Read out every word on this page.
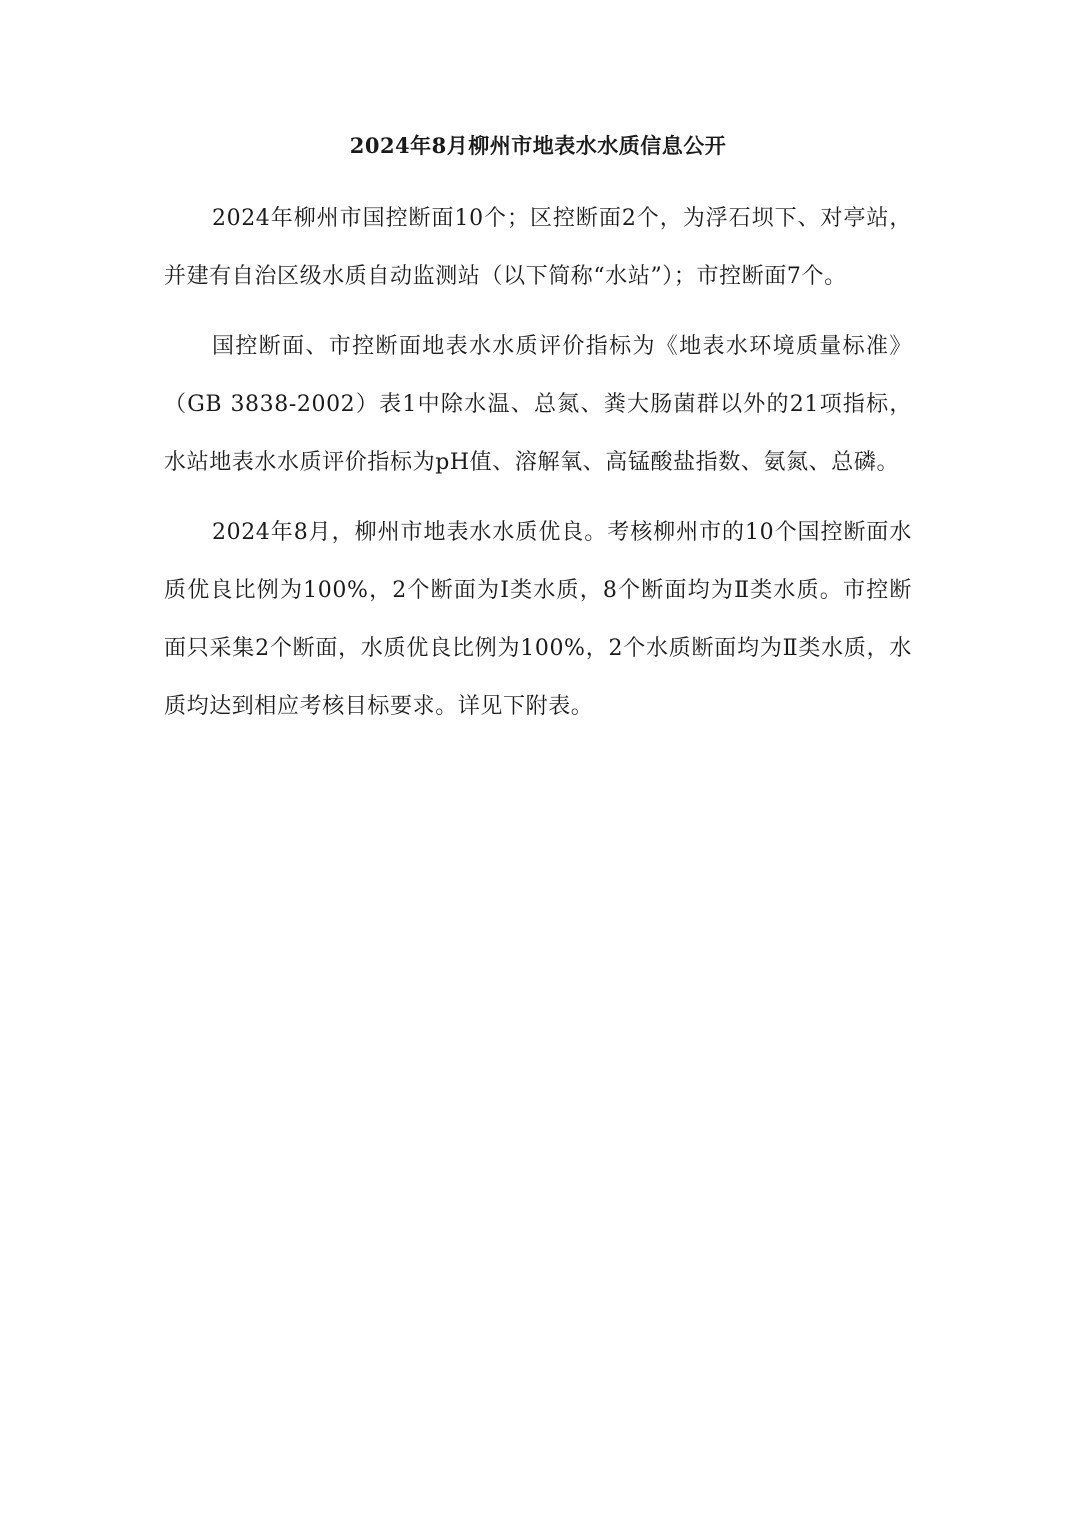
2024年8月柳州市地表水水质信息公开

2024年柳州市国控断面10个；区控断面2个，为浮石坝下、对亭站，并建有自治区级水质自动监测站（以下简称“水站”）；市控断面7个。

国控断面、市控断面地表水水质评价指标为《地表水环境质量标准》（GB 3838-2002）表1中除水温、总氮、粪大肠菌群以外的21项指标，水站地表水水质评价指标为pH值、溶解氧、高锰酸盐指数、氨氮、总磷。

2024年8月，柳州市地表水水质优良。考核柳州市的10个国控断面水质优良比例为100%，2个断面为Ⅰ类水质，8个断面均为Ⅱ类水质。市控断面只采集2个断面，水质优良比例为100%，2个水质断面均为Ⅱ类水质，水质均达到相应考核目标要求。详见下附表。
